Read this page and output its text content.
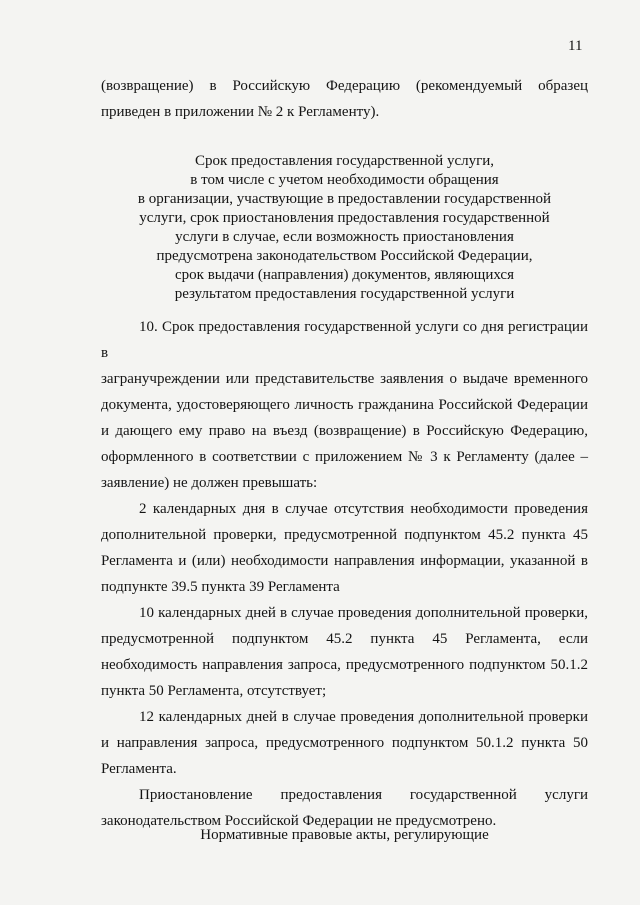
11

(возвращение) в Российскую Федерацию (рекомендуемый образец

приведен в приложении № 2 к Регламенту).

Срок предоставления государственной услуги,
в том числе с учетом необходимости обращения
в организации, участвующие в предоставлении государственной
услуги, срок приостановления предоставления государственной
услуги в случае, если возможность приостановления
предусмотрена законодательством Российской Федерации,
срок выдачи (направления) документов, являющихся
результатом предоставления государственной услуги

10. Срок предоставления государственной услуги со дня регистрации в

загранучреждении или представительстве заявления о выдаче временного

документа, удостоверяющего личность гражданина Российской Федерации

и дающего ему право на въезд (возвращение) в Российскую Федерацию,

оформленного в соответствии с приложением № 3 к Регламенту (далее –

заявление) не должен превышать:

2 календарных дня в случае отсутствия необходимости проведения

дополнительной проверки, предусмотренной подпунктом 45.2 пункта 45

Регламента и (или) необходимости направления информации, указанной в

подпункте 39.5 пункта 39 Регламента

10 календарных дней в случае проведения дополнительной проверки,

предусмотренной подпунктом 45.2 пункта 45 Регламента, если

необходимость направления запроса, предусмотренного подпунктом 50.1.2

пункта 50 Регламента, отсутствует;

12 календарных дней в случае проведения дополнительной проверки

и направления запроса, предусмотренного подпунктом 50.1.2 пункта 50

Регламента.

Приостановление предоставления государственной услуги

законодательством Российской Федерации не предусмотрено.

Нормативные правовые акты, регулирующие
